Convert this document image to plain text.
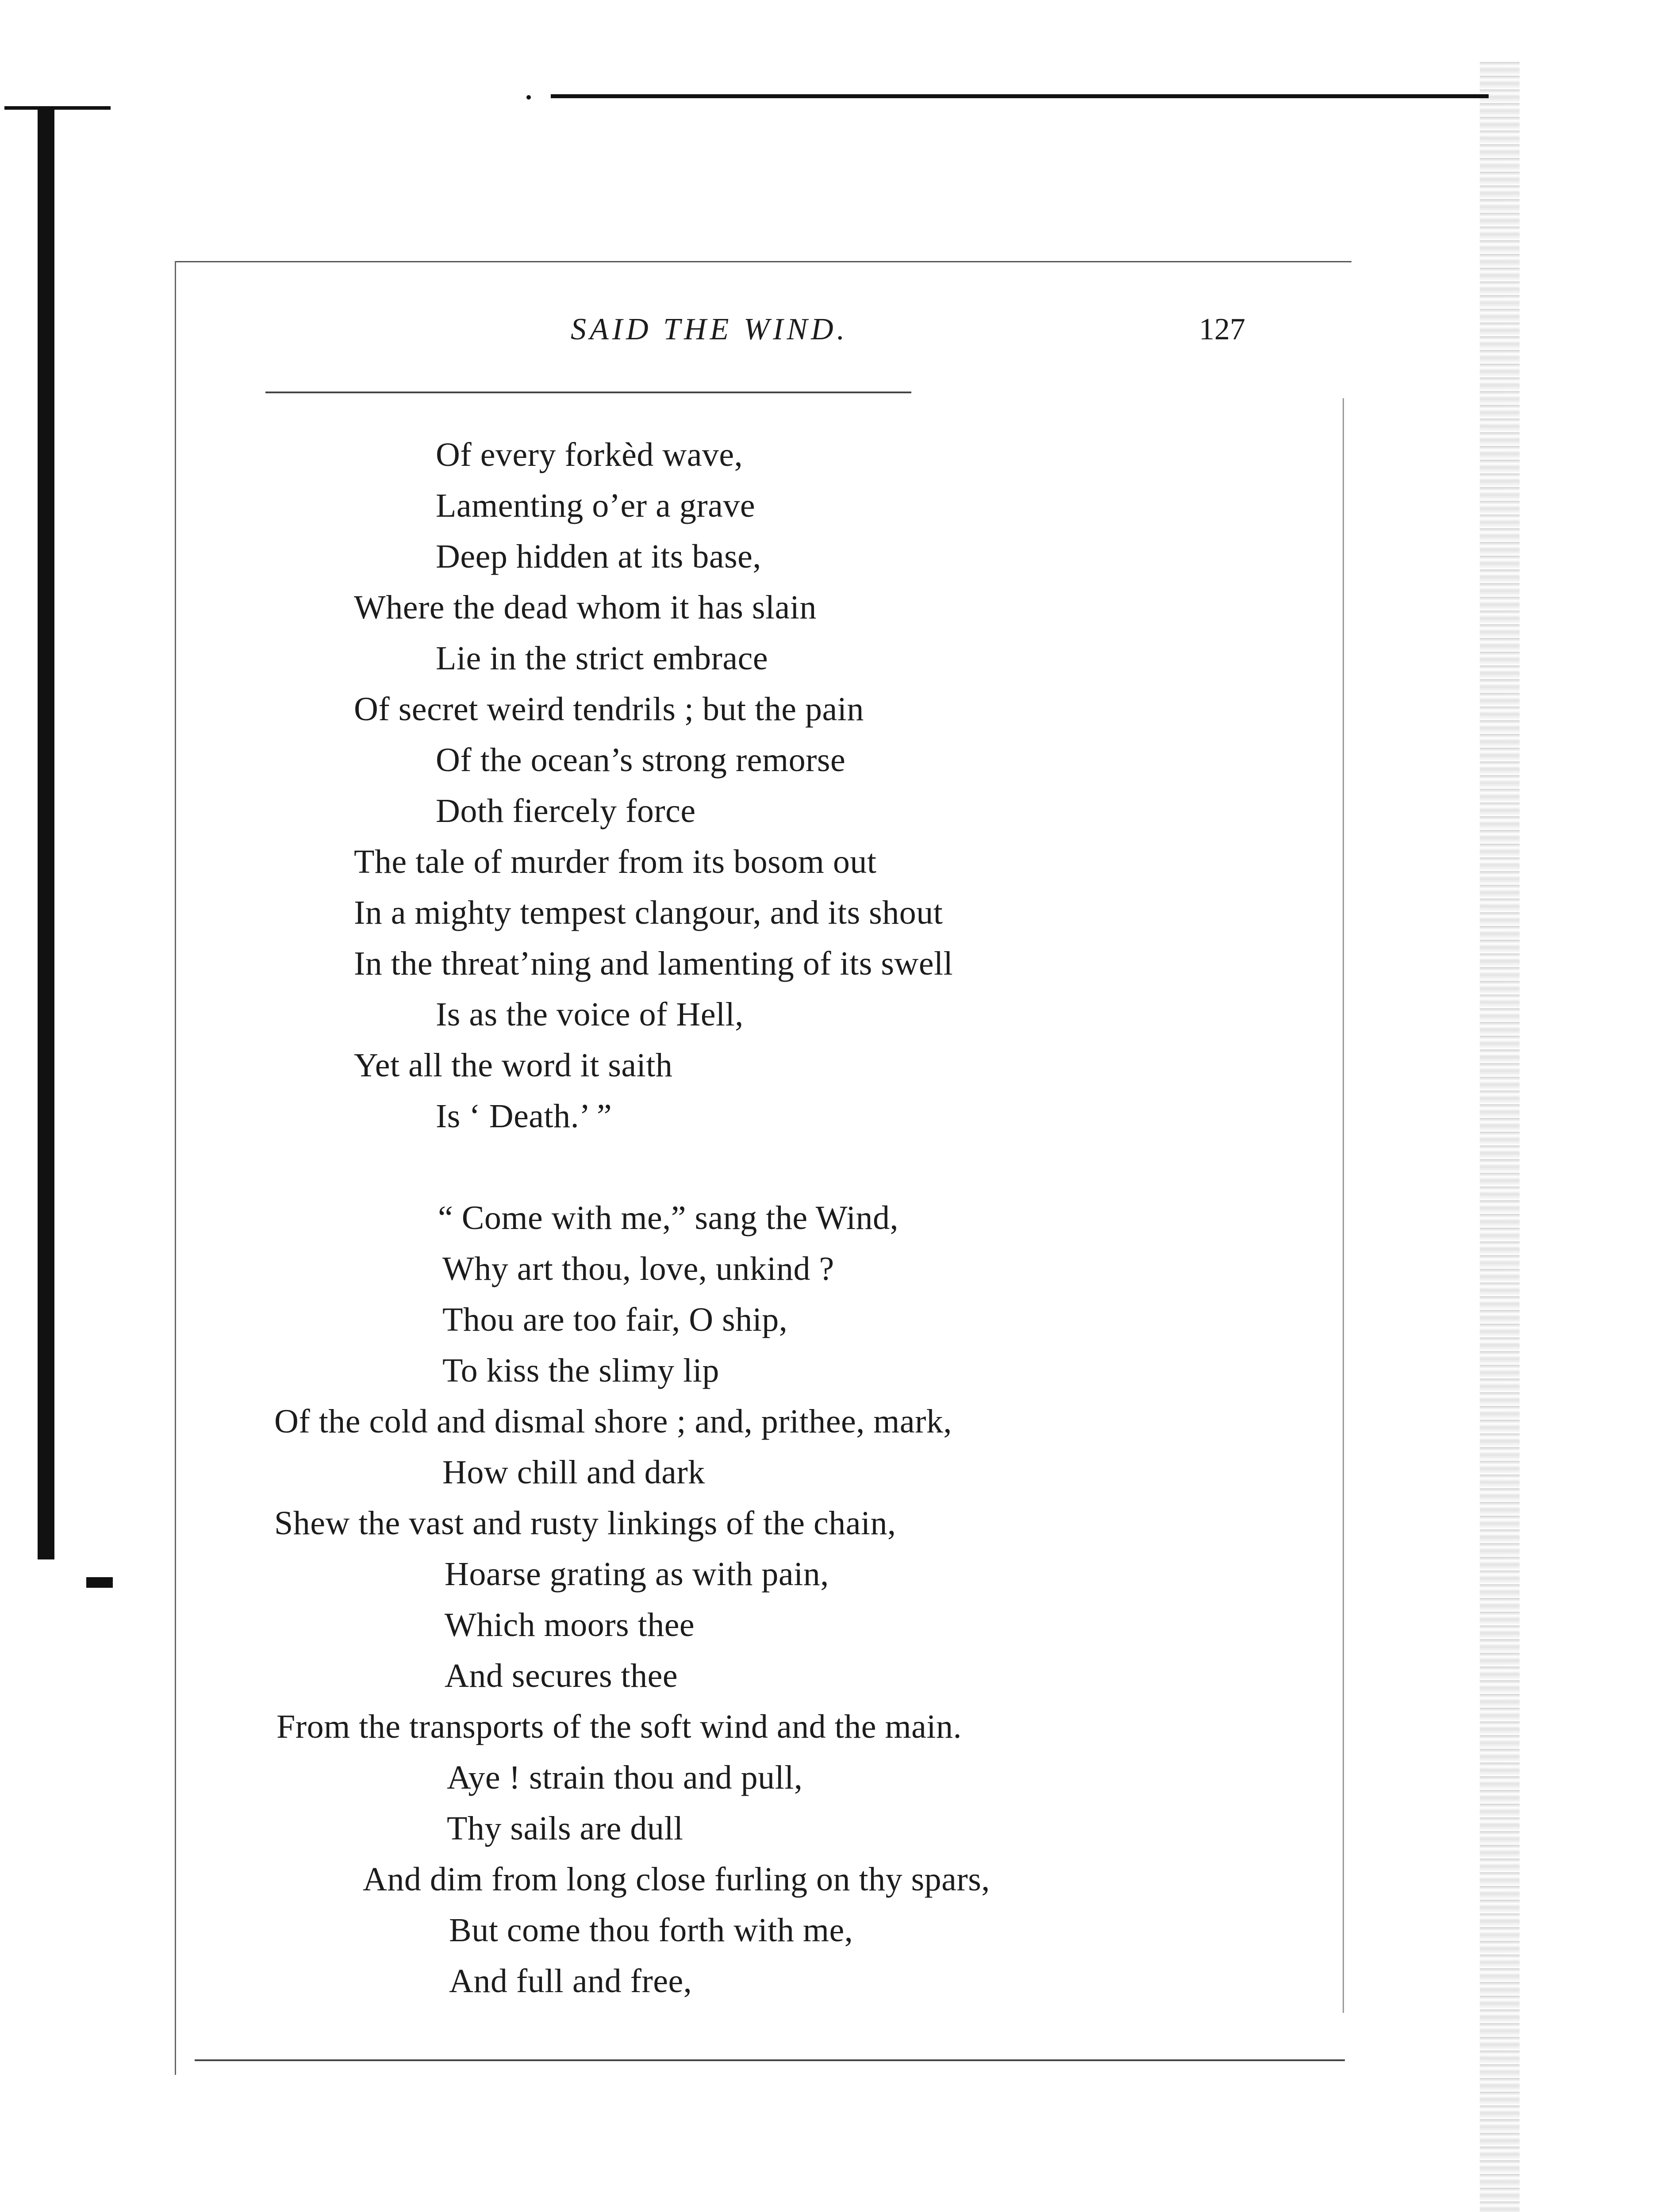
SAID THE WIND.	127
Of every forkèd wave,
Lamenting o’er a grave
Deep hidden at its base,
Where the dead whom it has slain
Lie in the strict embrace
Of secret weird tendrils ; but the pain
Of the ocean’s strong remorse
Doth fiercely force
The tale of murder from its bosom out
In a mighty tempest clangour, and its shout
In the threat’ning and lamenting of its swell
Is as the voice of Hell,
Yet all the word it saith
Is ‘ Death.’ ”
“ Come with me,” sang the Wind,
Why art thou, love, unkind ?
Thou are too fair, O ship,
To kiss the slimy lip
Of the cold and dismal shore ; and, prithee, mark,
How chill and dark
Shew the vast and rusty linkings of the chain,
Hoarse grating as with pain,
Which moors thee
And secures thee
From the transports of the soft wind and the main.
Aye ! strain thou and pull,
Thy sails are dull
And dim from long close furling on thy spars,
But come thou forth with me,
And full and free,
